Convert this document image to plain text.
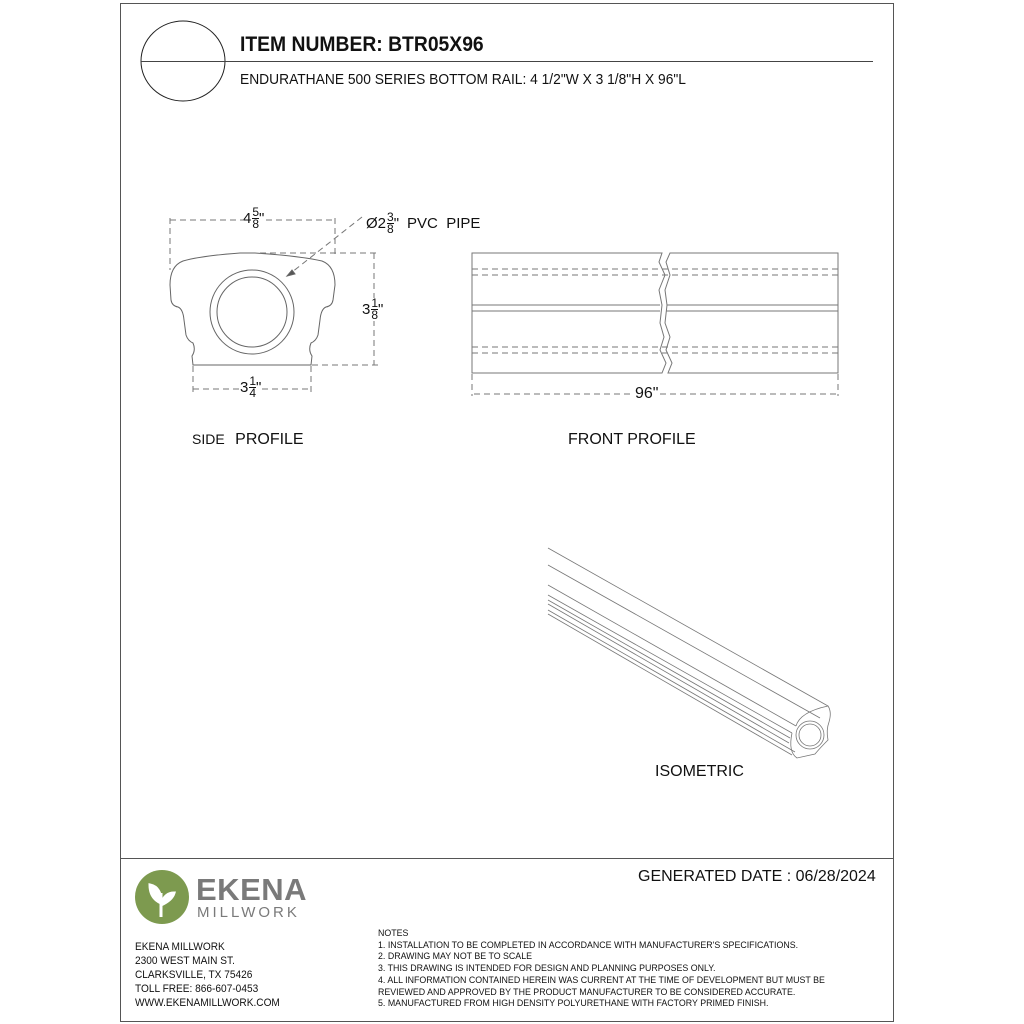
ITEM NUMBER: BTR05X96
ENDURATHANE 500 SERIES BOTTOM RAIL: 4 1/2"W X 3 1/8"H X 96"L
$4 \frac{5}{8}$ "	Ø2 $\frac{3}{8}$ " PVC  PIPE
$3 \frac{1}{8}$ "
$3 \frac{1}{4}$ "
SIDE PROFILE
96"
FRONT PROFILE
ISOMETRIC
GENERATED DATE : 06/28/2024
EKENA
MILLWORK
EKENA MILLWORK
2300 WEST MAIN ST.
CLARKSVILLE, TX 75426
TOLL FREE: 866-607-0453
WWW.EKENAMILLWORK.COM
NOTES
1. INSTALLATION TO BE COMPLETED IN ACCORDANCE WITH MANUFACTURER'S SPECIFICATIONS.
2. DRAWING MAY NOT BE TO SCALE
3. THIS DRAWING IS INTENDED FOR DESIGN AND PLANNING PURPOSES ONLY.
4. ALL INFORMATION CONTAINED HEREIN WAS CURRENT AT THE TIME OF DEVELOPMENT BUT MUST BE
REVIEWED AND APPROVED BY THE PRODUCT MANUFACTURER TO BE CONSIDERED ACCURATE.
5. MANUFACTURED FROM HIGH DENSITY POLYURETHANE WITH FACTORY PRIMED FINISH.
